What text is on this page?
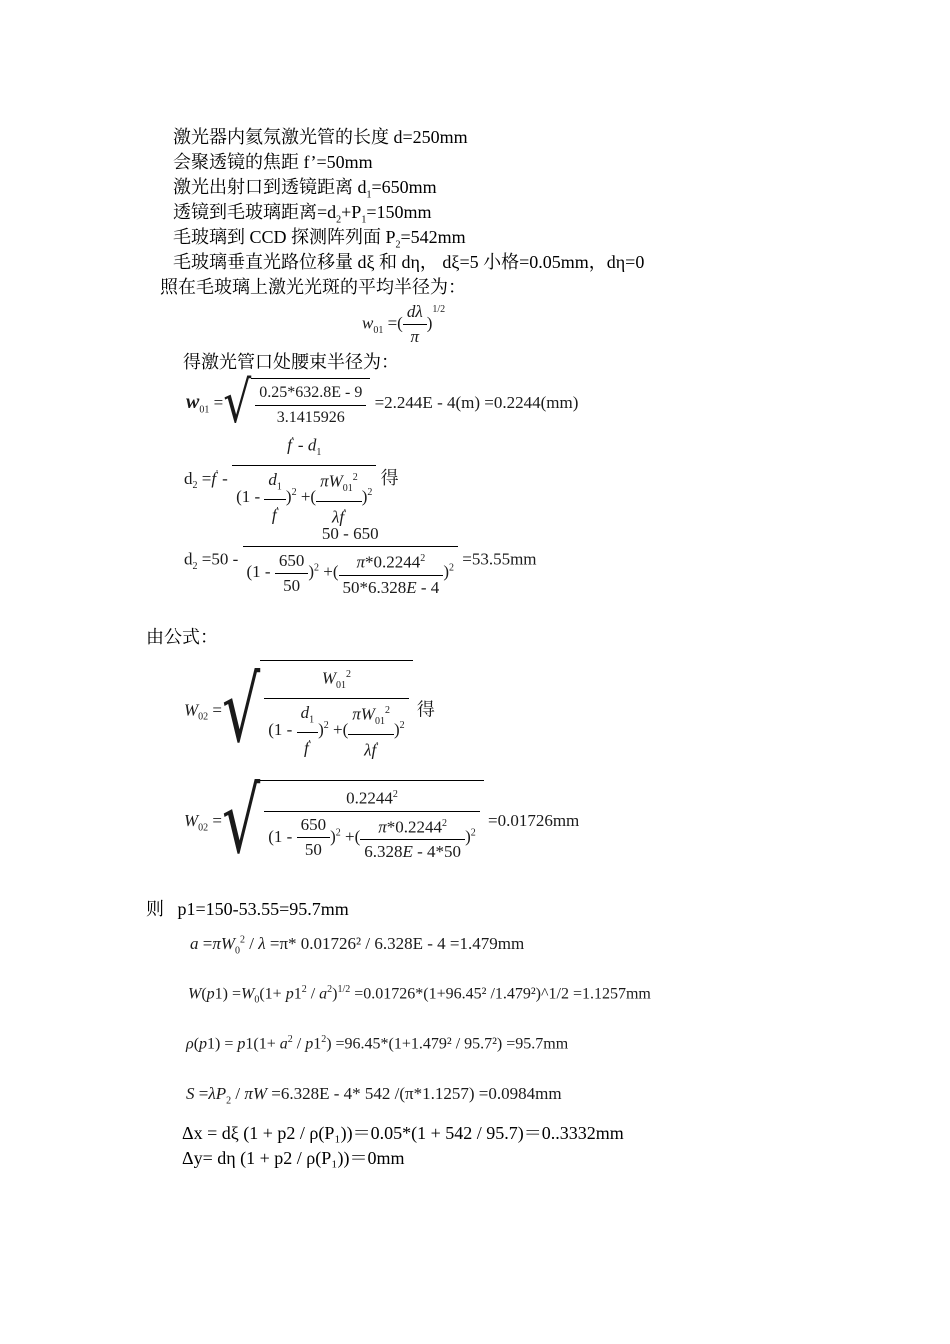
激光器内氦氖激光管的长度 d=250mm
会聚透镜的焦距 f’=50mm
激光出射口到透镜距离 $d_1=650mm$
透镜到毛玻璃距离$=d_2+P_1=150mm$
毛玻璃到 CCD 探测阵列面 $P_2=542mm$
毛玻璃垂直光路位移量 dξ 和 dη， dξ=5 小格=0.05mm，dη=0
照在毛玻璃上激光光斑的平均半径为：
$w_{01}$ =( $\frac{d\lambda}{\pi} )^{1/2}$
得激光管口处腰束半径为：
$w_{01}$ =√ $\frac{0.25*632.8E - 9}{3.1415926} =2.244E - 4(m) =0.2244(mm)$
$d_2 =f' - \frac{f' - d_1}{(1 - \frac{d_1}{f'} )^2 +( \frac{\pi W_{01}^2}{\lambda f'} )^2}$ 得
$d_2 =50 - \frac{50 - 650}{(1 - \frac{650}{50} )^2 +( \frac{\pi*0.2244^2}{50*6.328E - 4} )^2} =53.55mm$
由公式：
$W_{02}$ =√ $\frac{W_{01}^2}{(1 - \frac{d_1}{f'} )^2 +( \frac{\pi W_{01}^2}{\lambda f'} )^2}$ 得
$W_{02}$ =√ $\frac{0.2244^2}{(1 - \frac{650}{50} )^2 +( \frac{\pi*0.2244^2}{6.328E - 4*50} )^2} =0.01726mm$
则 p1=150-53.55=95.7mm
$a =\pi W_0^2 / \lambda =\pi*$ 0.01726² / 6.328E - 4 =1.479mm
$W(p1) =W_0(1+ p1^2 / a^2)^{1/2} =0.01726*(1+96.45^2$ /1.479²)^1/2 =1.1257mm
$\rho(p1) = p1(1+ a^2 / p1^2) =96.45*(1+1.479^2 / 95.7^2) =95.7mm$
$S =\lambda P_2 / \pi W =6.328E - 4*$ 542 /(π*1.1257) =0.0984mm
Δx = dξ (1 + p2 / ρ(P₁))＝0.05*(1 + 542 / 95.7)＝0..3332mm
Δy= dη (1 + p2 / ρ(P₁))＝0mm
